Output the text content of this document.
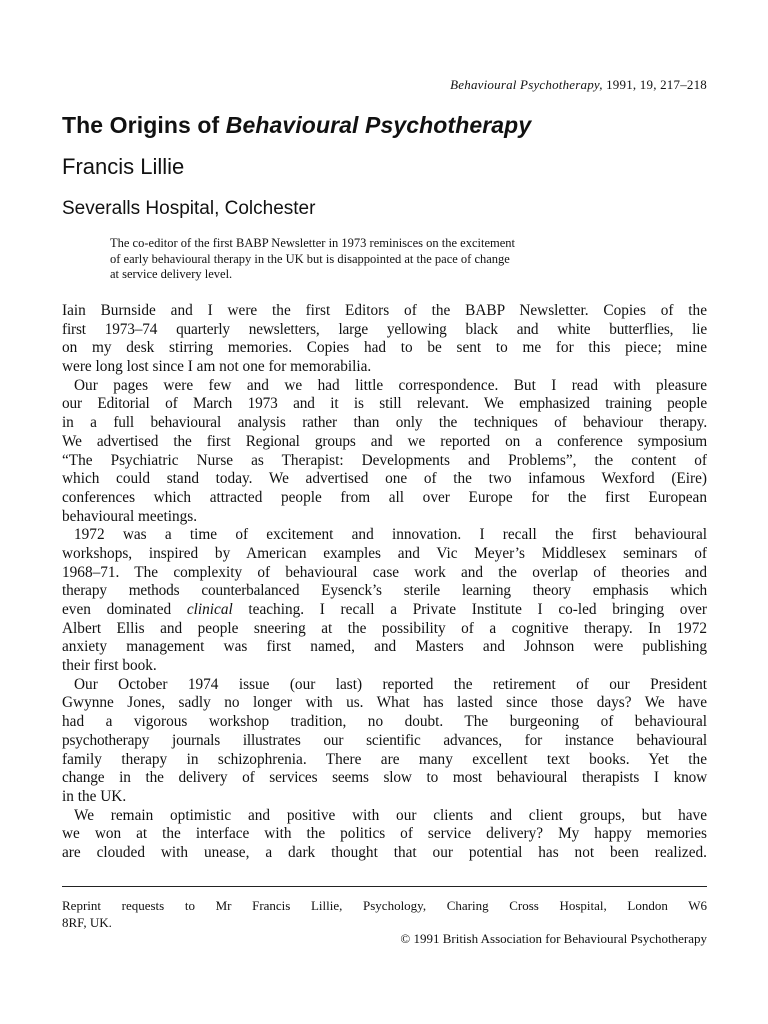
Behavioural Psychotherapy, 1991, 19, 217–218
The Origins of Behavioural Psychotherapy
Francis Lillie
Severalls Hospital, Colchester
The co-editor of the first BABP Newsletter in 1973 reminisces on the excitement
of early behavioural therapy in the UK but is disappointed at the pace of change
at service delivery level.
Iain Burnside and I were the first Editors of the BABP Newsletter. Copies of the
first 1973–74 quarterly newsletters, large yellowing black and white butterflies, lie
on my desk stirring memories. Copies had to be sent to me for this piece; mine
were long lost since I am not one for memorabilia.
Our pages were few and we had little correspondence. But I read with pleasure
our Editorial of March 1973 and it is still relevant. We emphasized training people
in a full behavioural analysis rather than only the techniques of behaviour therapy.
We advertised the first Regional groups and we reported on a conference symposium
“The Psychiatric Nurse as Therapist: Developments and Problems”, the content of
which could stand today. We advertised one of the two infamous Wexford (Eire)
conferences which attracted people from all over Europe for the first European
behavioural meetings.
1972 was a time of excitement and innovation. I recall the first behavioural
workshops, inspired by American examples and Vic Meyer’s Middlesex seminars of
1968–71. The complexity of behavioural case work and the overlap of theories and
therapy methods counterbalanced Eysenck’s sterile learning theory emphasis which
even dominated clinical teaching. I recall a Private Institute I co-led bringing over
Albert Ellis and people sneering at the possibility of a cognitive therapy. In 1972
anxiety management was first named, and Masters and Johnson were publishing
their first book.
Our October 1974 issue (our last) reported the retirement of our President
Gwynne Jones, sadly no longer with us. What has lasted since those days? We have
had a vigorous workshop tradition, no doubt. The burgeoning of behavioural
psychotherapy journals illustrates our scientific advances, for instance behavioural
family therapy in schizophrenia. There are many excellent text books. Yet the
change in the delivery of services seems slow to most behavioural therapists I know
in the UK.
We remain optimistic and positive with our clients and client groups, but have
we won at the interface with the politics of service delivery? My happy memories
are clouded with unease, a dark thought that our potential has not been realized.
Reprint requests to Mr Francis Lillie, Psychology, Charing Cross Hospital, London W6
8RF, UK.
© 1991 British Association for Behavioural Psychotherapy
